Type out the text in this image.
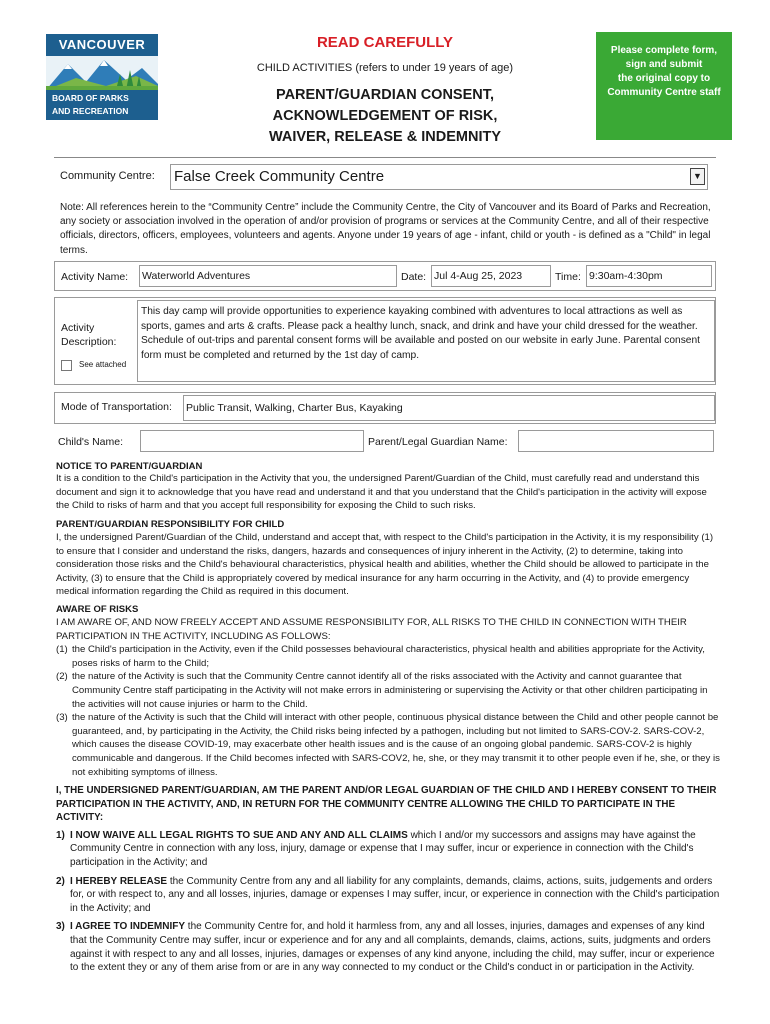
VANCOUVER
BOARD OF PARKS
AND RECREATION
READ CAREFULLY
CHILD ACTIVITIES (refers to under 19 years of age)
PARENT/GUARDIAN CONSENT,
ACKNOWLEDGEMENT OF RISK,
WAIVER, RELEASE & INDEMNITY
Please complete form,
sign and submit
the original copy to
Community Centre staff
Community Centre: False Creek Community Centre	▼
Note: All references herein to the “Community Centre” include the Community Centre, the City of Vancouver and its Board of Parks and Recreation, any society or association involved in the operation of and/or provision of programs or services at the Community Centre, and all of their respective officials, directors, officers, employees, volunteers and agents. Anyone under 19 years of age - infant, child or youth - is defined as a "Child" in legal terms.
Activity Name: Waterworld Adventures	Date: Jul 4-Aug 25, 2023	Time: 9:30am-4:30pm
Activity
Description:
See attached
This day camp will provide opportunities to experience kayaking combined with adventures to local attractions as well as sports, games and arts & crafts. Please pack a healthy lunch, snack, and drink and have your child dressed for the weather. Schedule of out-trips and parental consent forms will be available and posted on our website in early June. Parental consent form must be completed and returned by the 1st day of camp.
Mode of Transportation: Public Transit, Walking, Charter Bus, Kayaking
Child's Name:	Parent/Legal Guardian Name:
NOTICE TO PARENT/GUARDIAN
It is a condition to the Child's participation in the Activity that you, the undersigned Parent/Guardian of the Child, must carefully read and understand this document and sign it to acknowledge that you have read and understand it and that you understand that the Child's participation in the activity will expose the Child to risks of harm and that you accept full responsibility for exposing the Child to such risks.
PARENT/GUARDIAN RESPONSIBILITY FOR CHILD
I, the undersigned Parent/Guardian of the Child, understand and accept that, with respect to the Child's participation in the Activity, it is my responsibility (1) to ensure that I consider and understand the risks, dangers, hazards and consequences of injury inherent in the Activity, (2) to determine, taking into consideration those risks and the Child's behavioural characteristics, physical health and abilities, whether the Child should be allowed to participate in the Activity, (3) to ensure that the Child is appropriately covered by medical insurance for any harm occurring in the Activity, and (4) to provide emergency medical information regarding the Child as required in this document.
AWARE OF RISKS
I AM AWARE OF, AND NOW FREELY ACCEPT AND ASSUME RESPONSIBILITY FOR, ALL RISKS TO THE CHILD IN CONNECTION WITH THEIR PARTICIPATION IN THE ACTIVITY, INCLUDING AS FOLLOWS:
(1) the Child's participation in the Activity, even if the Child possesses behavioural characteristics, physical health and abilities appropriate for the Activity, poses risks of harm to the Child;
(2) the nature of the Activity is such that the Community Centre cannot identify all of the risks associated with the Activity and cannot guarantee that Community Centre staff participating in the Activity will not make errors in administering or supervising the Activity or that other children participating in the activities will not cause injuries or harm to the Child.
(3) the nature of the Activity is such that the Child will interact with other people, continuous physical distance between the Child and other people cannot be guaranteed, and, by participating in the Activity, the Child risks being infected by a pathogen, including but not limited to SARS-COV-2. SARS-COV-2, which causes the disease COVID-19, may exacerbate other health issues and is the cause of an ongoing global pandemic. SARS-COV-2 is highly communicable and dangerous. If the Child becomes infected with SARS-COV2, he, she, or they may transmit it to other people even if he, she, or they is not exhibiting symptoms of illness.
I, THE UNDERSIGNED PARENT/GUARDIAN, AM THE PARENT AND/OR LEGAL GUARDIAN OF THE CHILD AND I HEREBY CONSENT TO THEIR PARTICIPATION IN THE ACTIVITY, AND, IN RETURN FOR THE COMMUNITY CENTRE ALLOWING THE CHILD TO PARTICIPATE IN THE ACTIVITY:
1) I NOW WAIVE ALL LEGAL RIGHTS TO SUE AND ANY AND ALL CLAIMS which I and/or my successors and assigns may have against the Community Centre in connection with any loss, injury, damage or expense that I may suffer, incur or experience in connection with the Child's participation in the Activity; and
2) I HEREBY RELEASE the Community Centre from any and all liability for any complaints, demands, claims, actions, suits, judgements and orders for, or with respect to, any and all losses, injuries, damage or expenses I may suffer, incur, or experience in connection with the Child's participation in the Activity; and
3) I AGREE TO INDEMNIFY the Community Centre for, and hold it harmless from, any and all losses, injuries, damages and expenses of any kind that the Community Centre may suffer, incur or experience and for any and all complaints, demands, claims, actions, suits, judgments and orders against it with respect to any and all losses, injuries, damages or expenses of any kind anyone, including the child, may suffer, incur or experience to the extent they or any of them arise from or are in any way connected to my conduct or the Child's conduct in or participation in the Activity.
